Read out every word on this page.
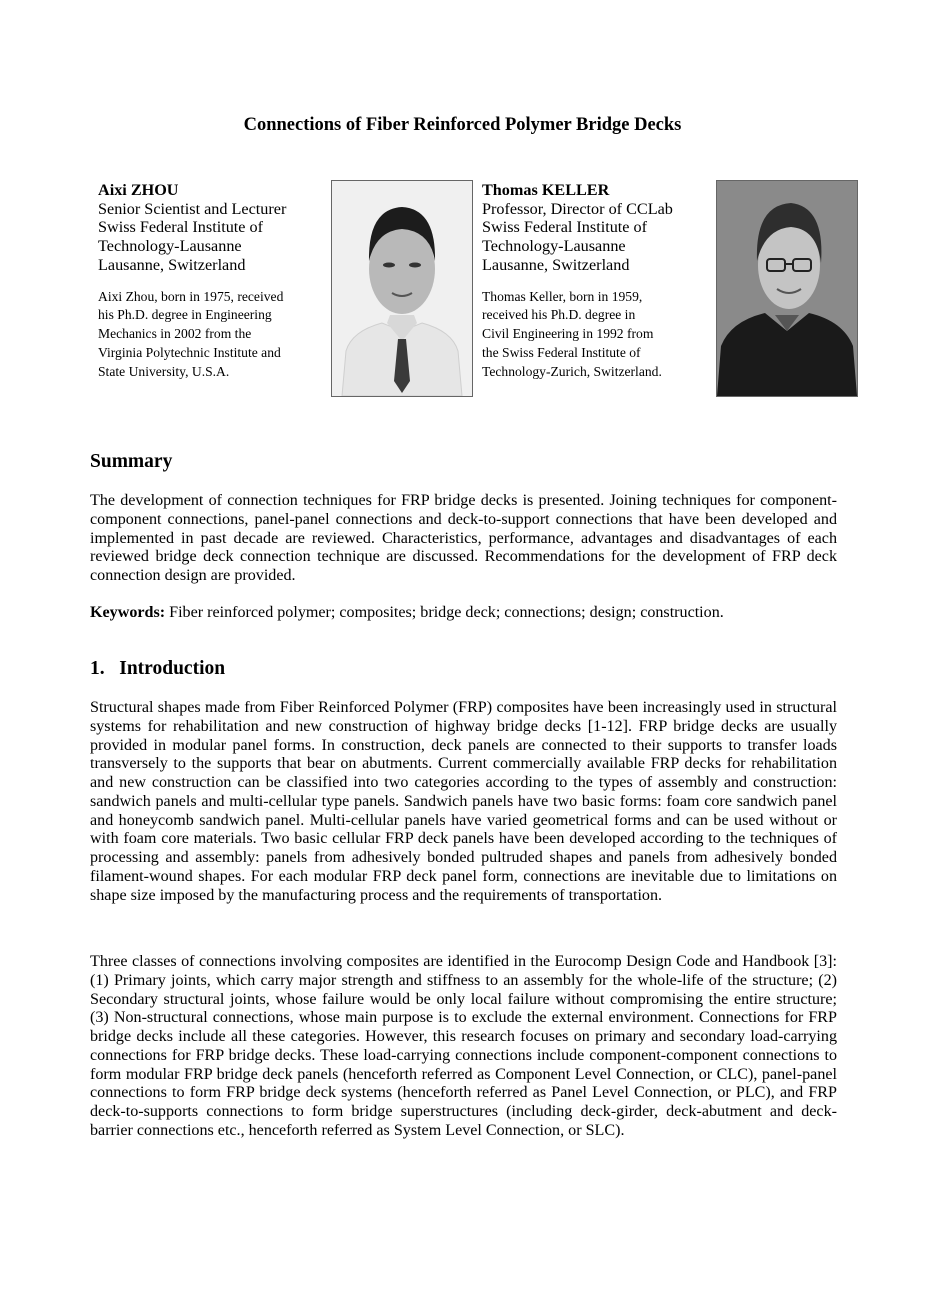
Connections of Fiber Reinforced Polymer Bridge Decks
Aixi ZHOU
Senior Scientist and Lecturer
Swiss Federal Institute of
Technology-Lausanne
Lausanne, Switzerland
Aixi Zhou, born in 1975, received
his Ph.D. degree in Engineering
Mechanics in 2002 from the
Virginia Polytechnic Institute and
State University, U.S.A.
Thomas KELLER
Professor, Director of CCLab
Swiss Federal Institute of
Technology-Lausanne
Lausanne, Switzerland
Thomas Keller, born in 1959,
received his Ph.D. degree in
Civil Engineering in 1992 from
the Swiss Federal Institute of
Technology-Zurich, Switzerland.
Summary
The development of connection techniques for FRP bridge decks is presented. Joining techniques for component-component connections, panel-panel connections and deck-to-support connections that have been developed and implemented in past decade are reviewed. Characteristics, performance, advantages and disadvantages of each reviewed bridge deck connection technique are discussed. Recommendations for the development of FRP deck connection design are provided.
Keywords: Fiber reinforced polymer; composites; bridge deck; connections; design; construction.
1. Introduction
Structural shapes made from Fiber Reinforced Polymer (FRP) composites have been increasingly used in structural systems for rehabilitation and new construction of highway bridge decks [1-12]. FRP bridge decks are usually provided in modular panel forms. In construction, deck panels are connected to their supports to transfer loads transversely to the supports that bear on abutments. Current commercially available FRP decks for rehabilitation and new construction can be classified into two categories according to the types of assembly and construction: sandwich panels and multi-cellular type panels. Sandwich panels have two basic forms: foam core sandwich panel and honeycomb sandwich panel. Multi-cellular panels have varied geometrical forms and can be used without or with foam core materials. Two basic cellular FRP deck panels have been developed according to the techniques of processing and assembly: panels from adhesively bonded pultruded shapes and panels from adhesively bonded filament-wound shapes. For each modular FRP deck panel form, connections are inevitable due to limitations on shape size imposed by the manufacturing process and the requirements of transportation.
Three classes of connections involving composites are identified in the Eurocomp Design Code and Handbook [3]: (1) Primary joints, which carry major strength and stiffness to an assembly for the whole-life of the structure; (2) Secondary structural joints, whose failure would be only local failure without compromising the entire structure; (3) Non-structural connections, whose main purpose is to exclude the external environment. Connections for FRP bridge decks include all these categories. However, this research focuses on primary and secondary load-carrying connections for FRP bridge decks. These load-carrying connections include component-component connections to form modular FRP bridge deck panels (henceforth referred as Component Level Connection, or CLC), panel-panel connections to form FRP bridge deck systems (henceforth referred as Panel Level Connection, or PLC), and FRP deck-to-supports connections to form bridge superstructures (including deck-girder, deck-abutment and deck-barrier connections etc., henceforth referred as System Level Connection, or SLC).
